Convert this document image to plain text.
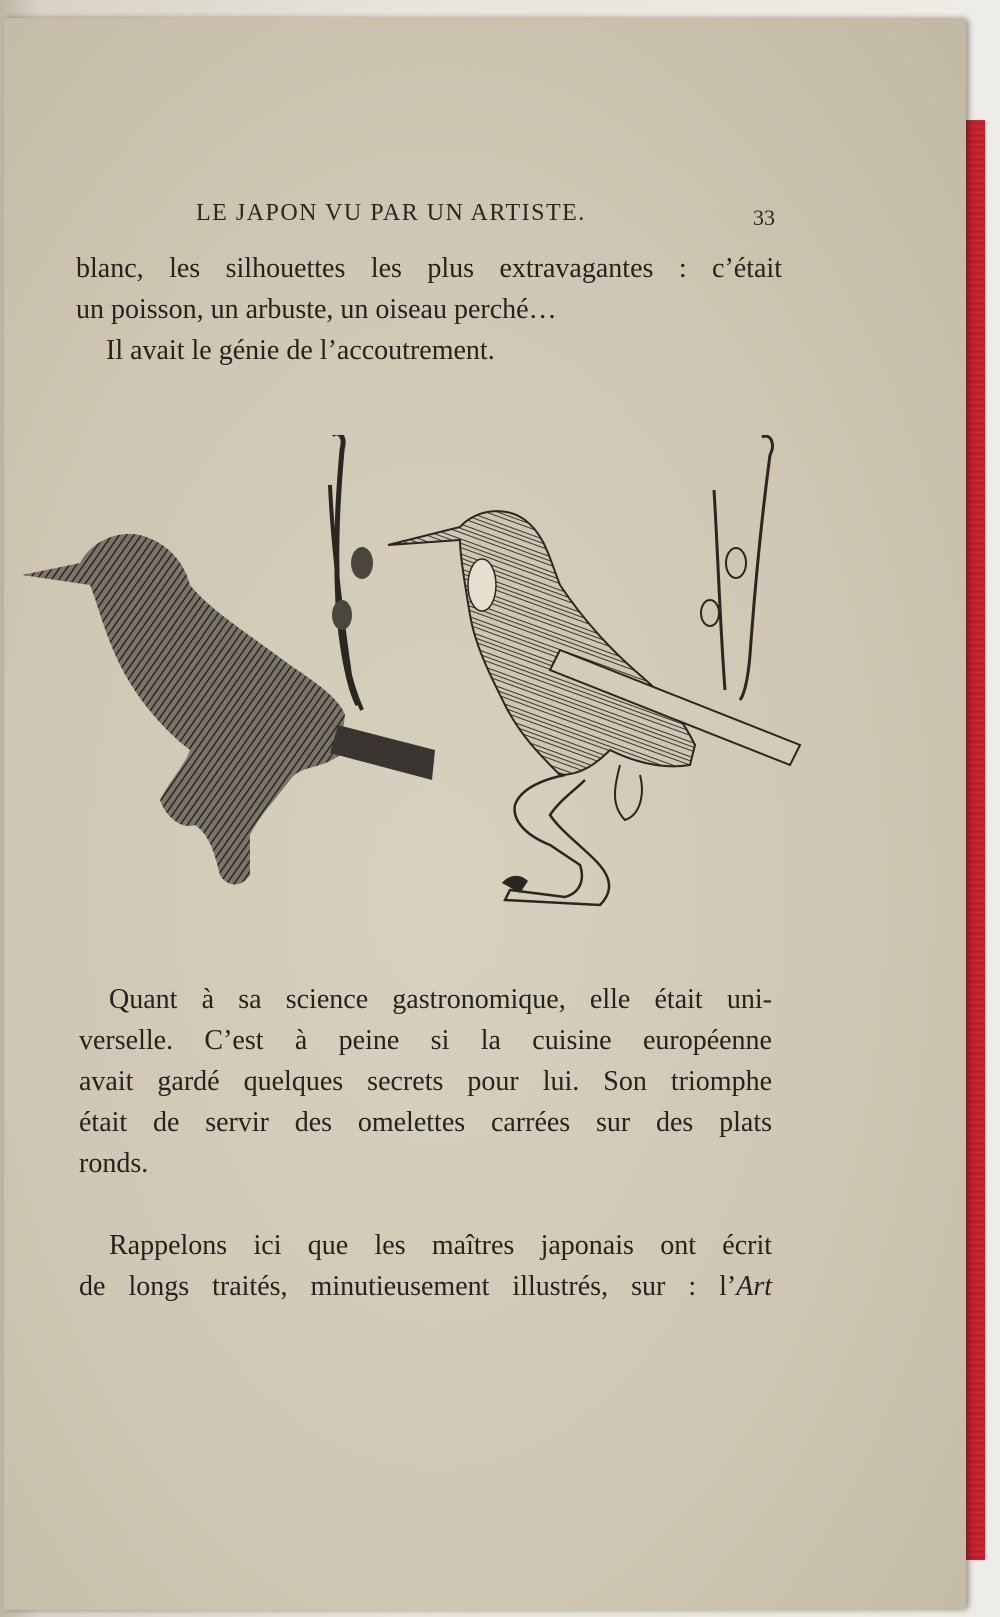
LE JAPON VU PAR UN ARTISTE.	33

blanc, les silhouettes les plus extravagantes : c’était

un poisson, un arbuste, un oiseau perché…

Il avait le génie de l’accoutrement.

Quant à sa science gastronomique, elle était uni-

verselle. C’est à peine si la cuisine européenne

avait gardé quelques secrets pour lui. Son triomphe

était de servir des omelettes carrées sur des plats

ronds.

Rappelons ici que les maîtres japonais ont écrit

de longs traités, minutieusement illustrés, sur : l’Art
